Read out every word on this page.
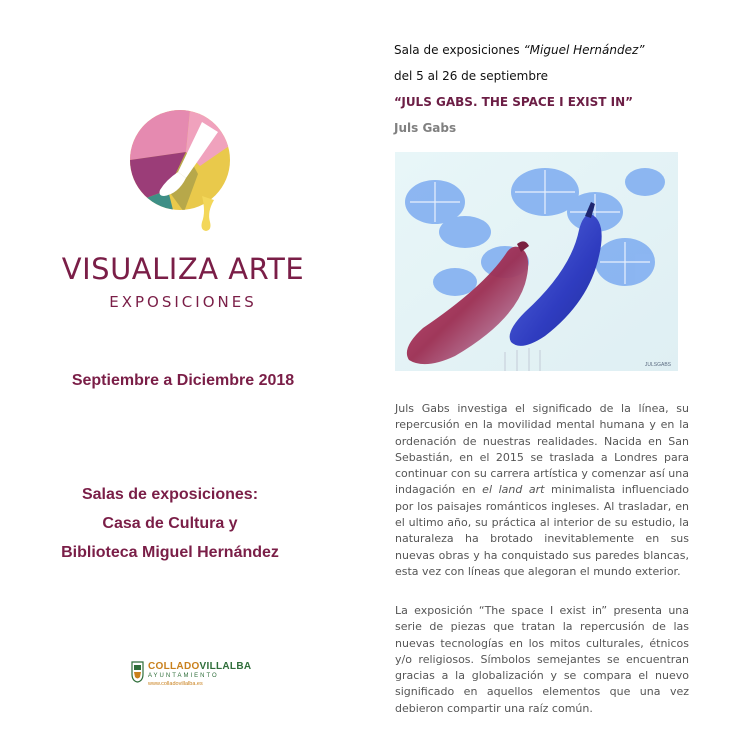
VISUALIZA ARTE
EXPOSICIONES
Septiembre a Diciembre 2018
Salas de exposiciones:
Casa de Cultura y
Biblioteca Miguel Hernández
COLLADOVILLALBA
AYUNTAMIENTO
www.colladovillalba.es
Sala de exposiciones “Miguel Hernández”
del 5 al 26 de septiembre
“JULS GABS. THE SPACE I EXIST IN”
Juls Gabs
JULSGABS

Juls Gabs investiga el significado de la línea, su repercusión en la movilidad mental humana y en la ordenación de nuestras realidades. Nacida en San Sebastián, en el 2015 se traslada a Londres para continuar con su carrera artística y comenzar así una indagación en el land art minimalista influenciado por los paisajes románticos ingleses. Al trasladar, en el ultimo año, su práctica al interior de su estudio, la naturaleza ha brotado inevitablemente en sus nuevas obras y ha conquistado sus paredes blancas, esta vez con líneas que alegoran el mundo exterior.

La exposición “The space I exist in” presenta una serie de piezas que tratan la repercusión de las nuevas tecnologías en los mitos culturales, étnicos y/o religiosos. Símbolos semejantes se encuentran gracias a la globalización y se compara el nuevo significado en aquellos elementos que una vez debieron compartir una raíz común.
